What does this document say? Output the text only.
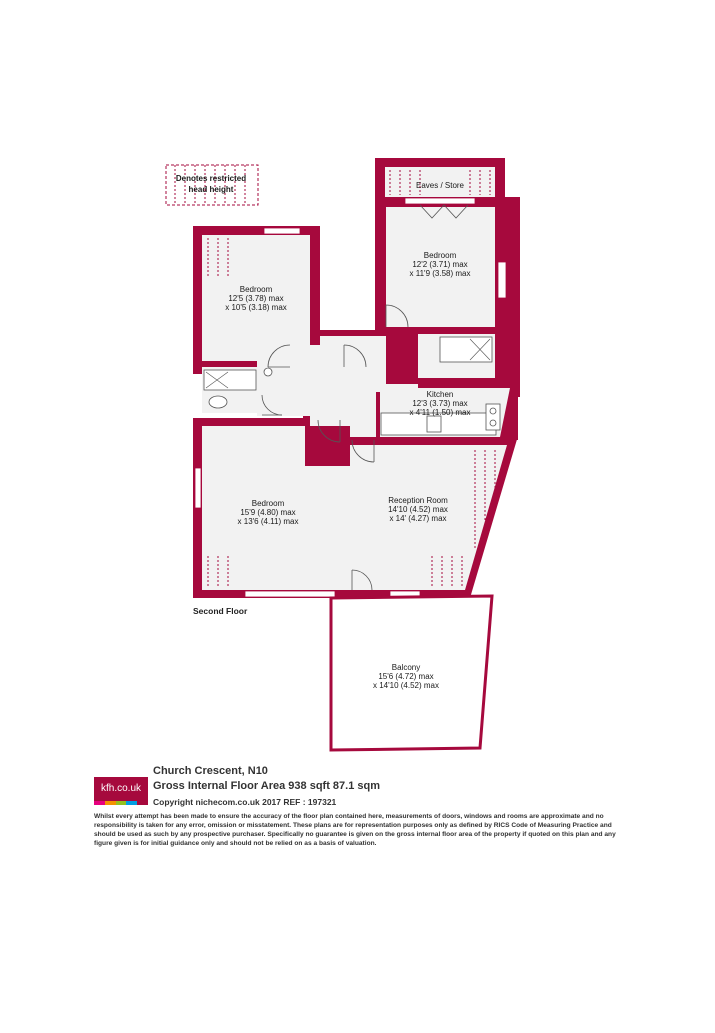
Denotes restricted
head height	Eaves / Store
Bedroom
12'2 (3.71) max
x 11'9 (3.58) max
Bedroom
12'5 (3.78) max
x 10'5 (3.18) max
Kitchen
12'3 (3.73) max
x 4'11 (1.50) max
Bedroom
15'9 (4.80) max
x 13'6 (4.11) max
Reception Room
14'10 (4.52) max
x 14' (4.27) max
Balcony
15'6 (4.72) max
x 14'10 (4.52) max
Second Floor
kfh.co.uk
Church Crescent, N10
Gross Internal Floor Area 938 sqft 87.1 sqm
Copyright nichecom.co.uk 2017 REF : 197321

Whilst every attempt has been made to ensure the accuracy of the floor plan contained here, measurements of doors, windows and rooms are approximate and no responsibility is taken for any error, omission or misstatement. These plans are for representation purposes only as defined by RICS Code of Measuring Practice and should be used as such by any prospective purchaser. Specifically no guarantee is given on the gross internal floor area of the property if quoted on this plan and any figure given is for initial guidance only and should not be relied on as a basis of valuation.
